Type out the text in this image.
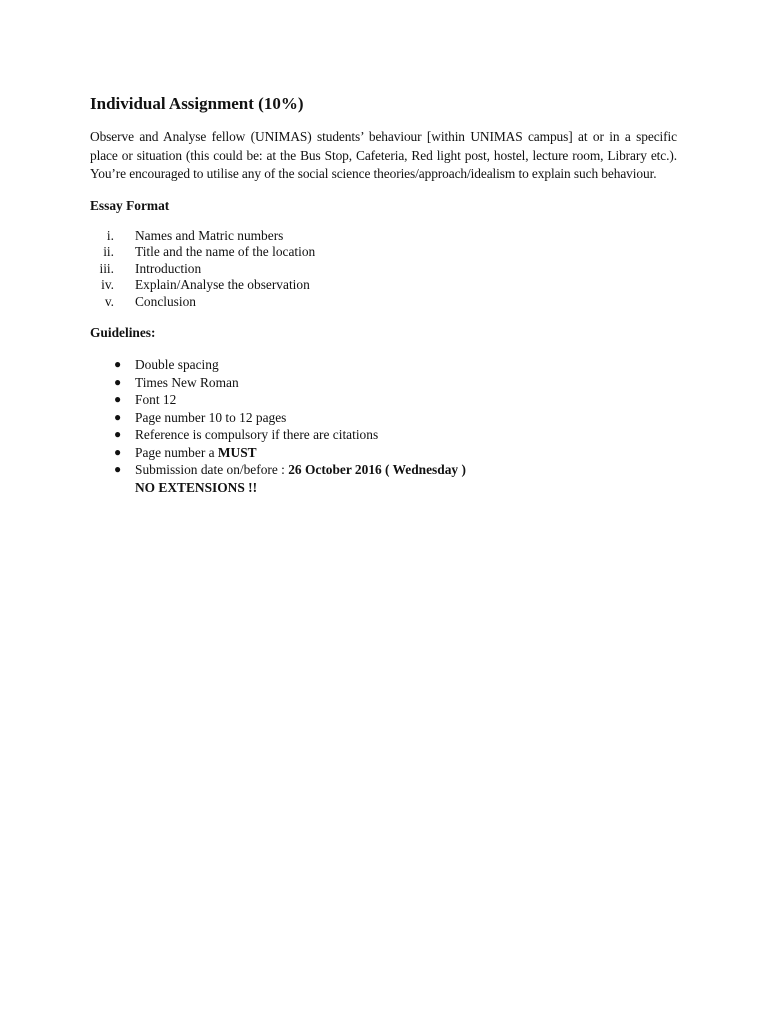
Individual Assignment (10%)

Observe and Analyse fellow (UNIMAS) students’ behaviour [within UNIMAS campus] at or in a specific place or situation (this could be: at the Bus Stop, Cafeteria, Red light post, hostel, lecture room, Library etc.). You’re encouraged to utilise any of the social science theories/approach/idealism to explain such behaviour.

Essay Format
i. Names and Matric numbers
ii. Title and the name of the location
iii. Introduction
iv. Explain/Analyse the observation
v. Conclusion
Guidelines:
● Double spacing
● Times New Roman
● Font 12
● Page number 10 to 12 pages
● Reference is compulsory if there are citations
● Page number a MUST
● Submission date on/before : 26 October 2016 ( Wednesday )
NO EXTENSIONS !!
